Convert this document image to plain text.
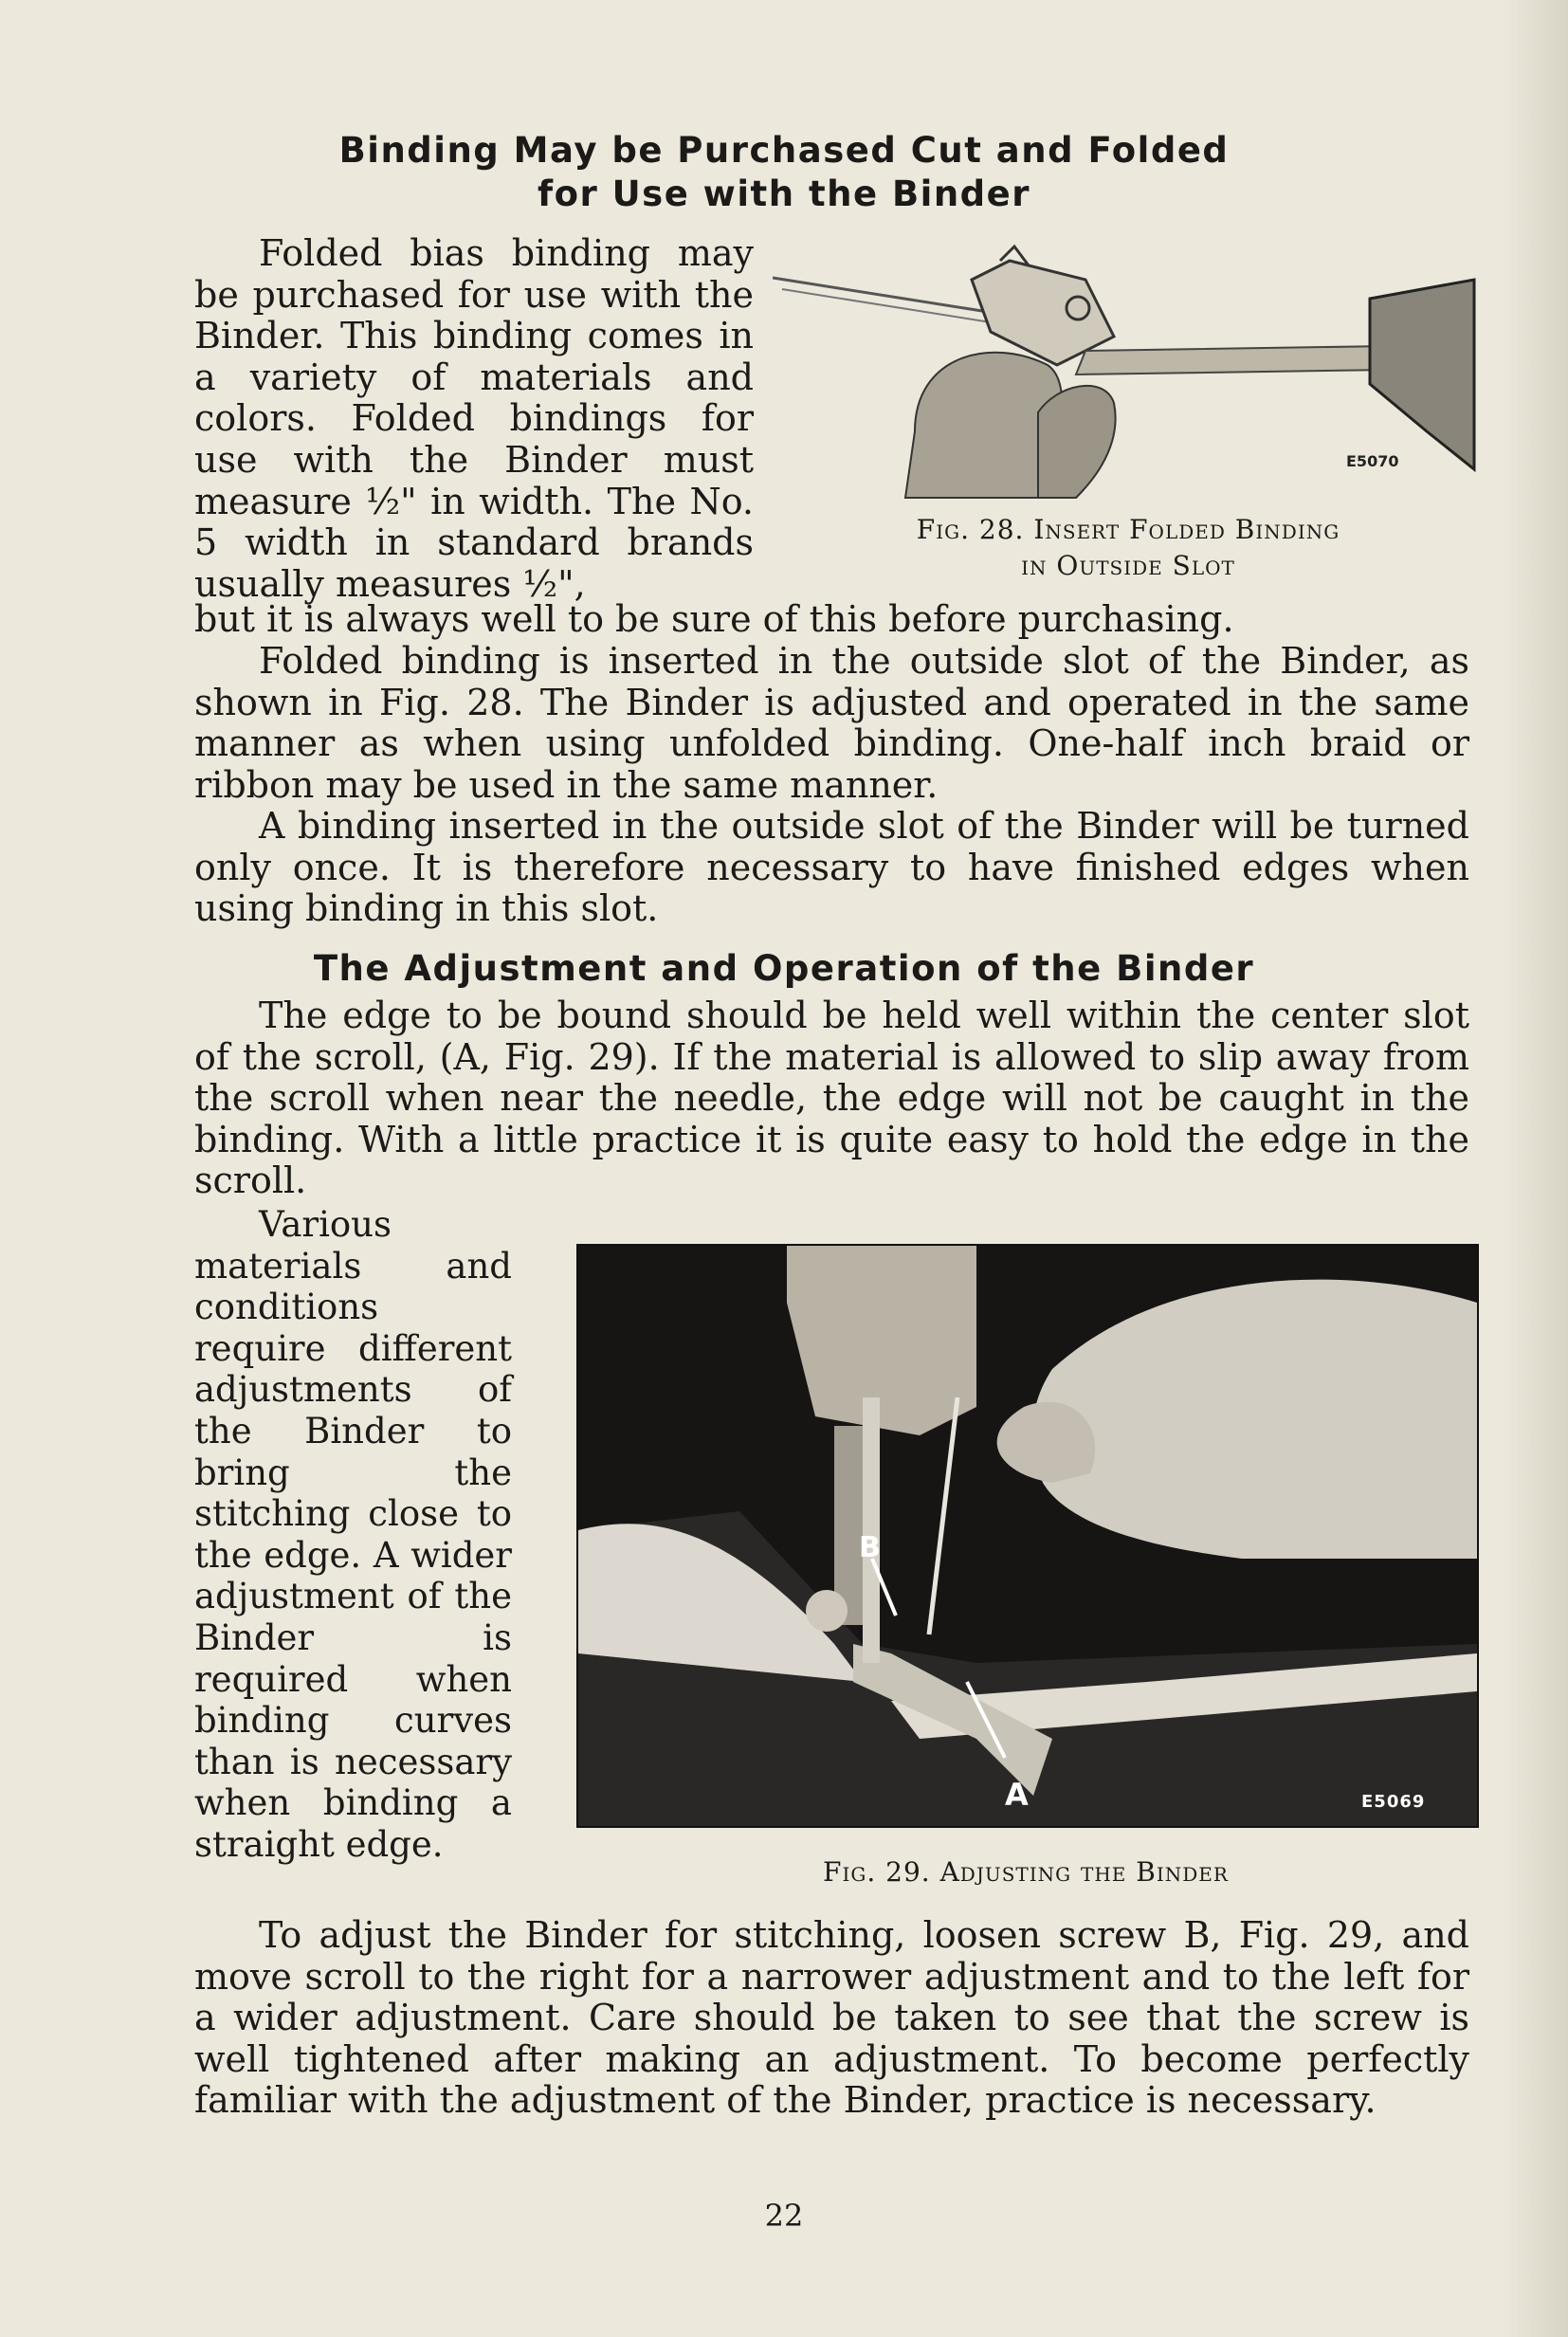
Binding May be Purchased Cut and Folded
for Use with the Binder
E5070

Fig. 28. Insert Folded Binding
in Outside Slot

Folded bias binding may be purchased for use with the Binder. This binding comes in a variety of materials and colors. Folded bindings for use with the Binder must measure ½" in width. The No. 5 width in standard brands usually measures ½",

but it is always well to be sure of this before purchasing.

Folded binding is inserted in the outside slot of the Binder, as shown in Fig. 28. The Binder is adjusted and operated in the same manner as when using unfolded binding. One-half inch braid or ribbon may be used in the same manner.

A binding inserted in the outside slot of the Binder will be turned only once. It is therefore necessary to have finished edges when using binding in this slot.

The Adjustment and Operation of the Binder

The edge to be bound should be held well within the center slot of the scroll, (A, Fig. 29). If the material is allowed to slip away from the scroll when near the needle, the edge will not be caught in the binding. With a little practice it is quite easy to hold the edge in the scroll.

B
A	E5069

Fig. 29. Adjusting the Binder

Various materials and conditions require different adjustments of the Binder to bring the stitching close to the edge. A wider adjustment of the Binder is required when binding curves than is necessary when binding a straight edge.

To adjust the Binder for stitching, loosen screw B, Fig. 29, and move scroll to the right for a narrower adjustment and to the left for a wider adjustment. Care should be taken to see that the screw is well tightened after making an adjustment. To become perfectly familiar with the adjustment of the Binder, practice is necessary.

22
